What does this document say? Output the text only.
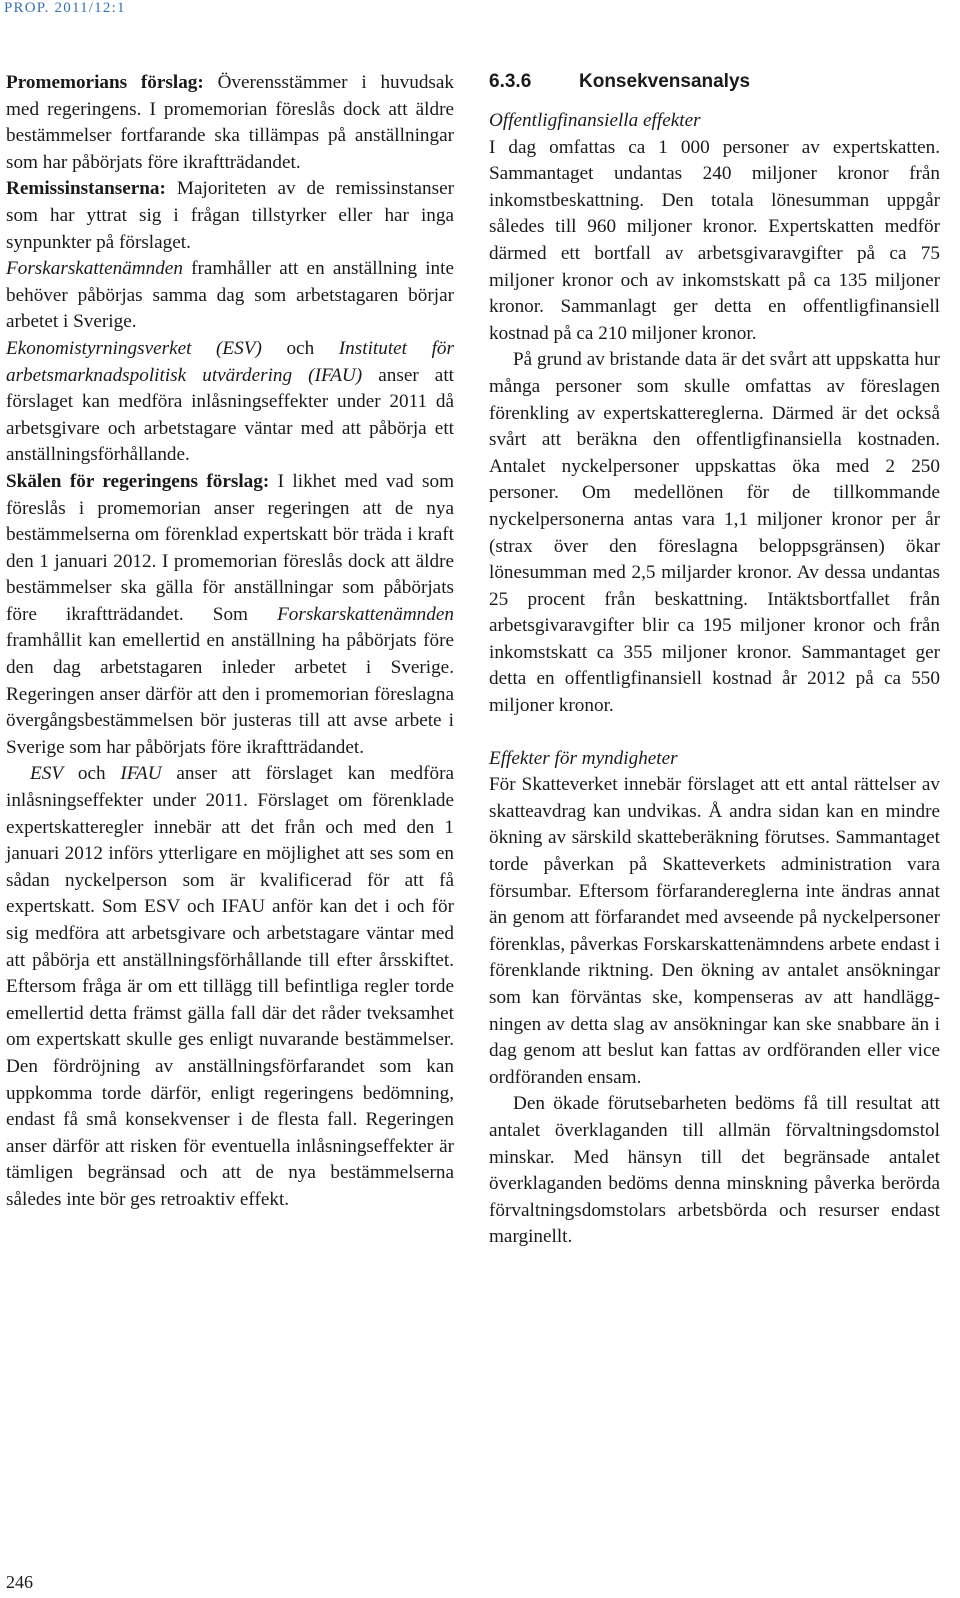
PROP. 2011/12:1

Promemorians förslag: Överensstämmer i huvudsak med regeringens. I promemorian föreslås dock att äldre bestämmelser fortfarande ska tillämpas på anställningar som har påbörjats före ikraftträdandet.

Remissinstanserna: Majoriteten av de remissinstanser som har yttrat sig i frågan tillstyrker eller har inga synpunkter på förslaget.

Forskarskattenämnden framhåller att en anställning inte behöver påbörjas samma dag som arbetstagaren börjar arbetet i Sverige.

Ekonomistyrningsverket (ESV) och Institutet för arbetsmarknadspolitisk utvärdering (IFAU) anser att förslaget kan medföra inlåsningseffekter under 2011 då arbetsgivare och arbetstagare väntar med att påbörja ett anställningsförhållande.

Skälen för regeringens förslag: I likhet med vad som föreslås i promemorian anser regeringen att de nya bestämmelserna om förenklad expertskatt bör träda i kraft den 1 januari 2012. I promemorian föreslås dock att äldre bestämmelser ska gälla för anställningar som påbörjats före ikraftträdandet. Som Forskarskattenämnden framhållit kan emellertid en anställning ha påbörjats före den dag arbetstagaren inleder arbetet i Sverige. Regeringen anser därför att den i promemorian föreslagna övergångsbestämmelsen bör justeras till att avse arbete i Sverige som har påbörjats före ikraftträdandet.

ESV och IFAU anser att förslaget kan medföra inlåsningseffekter under 2011. Förslaget om förenklade expertskatteregler innebär att det från och med den 1 januari 2012 införs ytterligare en möjlighet att ses som en sådan nyckelperson som är kvalificerad för att få expertskatt. Som ESV och IFAU anför kan det i och för sig medföra att arbetsgivare och arbetstagare väntar med att påbörja ett anställningsförhållande till efter årsskiftet. Eftersom fråga är om ett tillägg till befintliga regler torde emellertid detta främst gälla fall där det råder tveksamhet om expertskatt skulle ges enligt nuvarande bestämmelser. Den fördröjning av anställningsförfarandet som kan uppkomma torde därför, enligt regeringens bedömning, endast få små konsekvenser i de flesta fall. Regeringen anser därför att risken för eventuella inlåsningseffekter är tämligen begränsad och att de nya bestämmelserna således inte bör ges retroaktiv effekt.

6.3.6	Konsekvensanalys

Offentligfinansiella effekter

I dag omfattas ca 1 000 personer av expertskatten. Sammantaget undantas 240 miljoner kronor från inkomstbeskattning. Den totala lönesumman uppgår således till 960 miljoner kronor. Expertskatten medför därmed ett bortfall av arbetsgivaravgifter på ca 75 miljoner kronor och av inkomstskatt på ca 135 miljoner kronor. Sammanlagt ger detta en offentligfinansiell kostnad på ca 210 miljoner kronor.

På grund av bristande data är det svårt att uppskatta hur många personer som skulle omfattas av föreslagen förenkling av expertskattereglerna. Därmed är det också svårt att beräkna den offentligfinansiella kostnaden. Antalet nyckelpersoner uppskattas öka med 2 250 personer. Om medellönen för de tillkommande nyckelpersonerna antas vara 1,1 miljoner kronor per år (strax över den föreslagna beloppsgränsen) ökar lönesumman med 2,5 miljarder kronor. Av dessa undantas 25 procent från beskattning. Intäktsbortfallet från arbetsgivaravgifter blir ca 195 miljoner kronor och från inkomstskatt ca 355 miljoner kronor. Sammantaget ger detta en offentligfinansiell kostnad år 2012 på ca 550 miljoner kronor.

Effekter för myndigheter

För Skatteverket innebär förslaget att ett antal rättelser av skatteavdrag kan undvikas. Å andra sidan kan en mindre ökning av särskild skatteberäkning förutses. Sammantaget torde påverkan på Skatteverkets administration vara försumbar. Eftersom förfarandereglerna inte ändras annat än genom att förfarandet med avseende på nyckelpersoner förenklas, påverkas Forskarskattenämndens arbete endast i förenklande riktning. Den ökning av antalet ansökningar som kan förväntas ske, kompenseras av att handläggningen av detta slag av ansökningar kan ske snabbare än i dag genom att beslut kan fattas av ordföranden eller vice ordföranden ensam.

Den ökade förutsebarheten bedöms få till resultat att antalet överklaganden till allmän förvaltningsdomstol minskar. Med hänsyn till det begränsade antalet överklaganden bedöms denna minskning påverka berörda förvaltningsdomstolars arbetsbörda och resurser endast marginellt.

246
